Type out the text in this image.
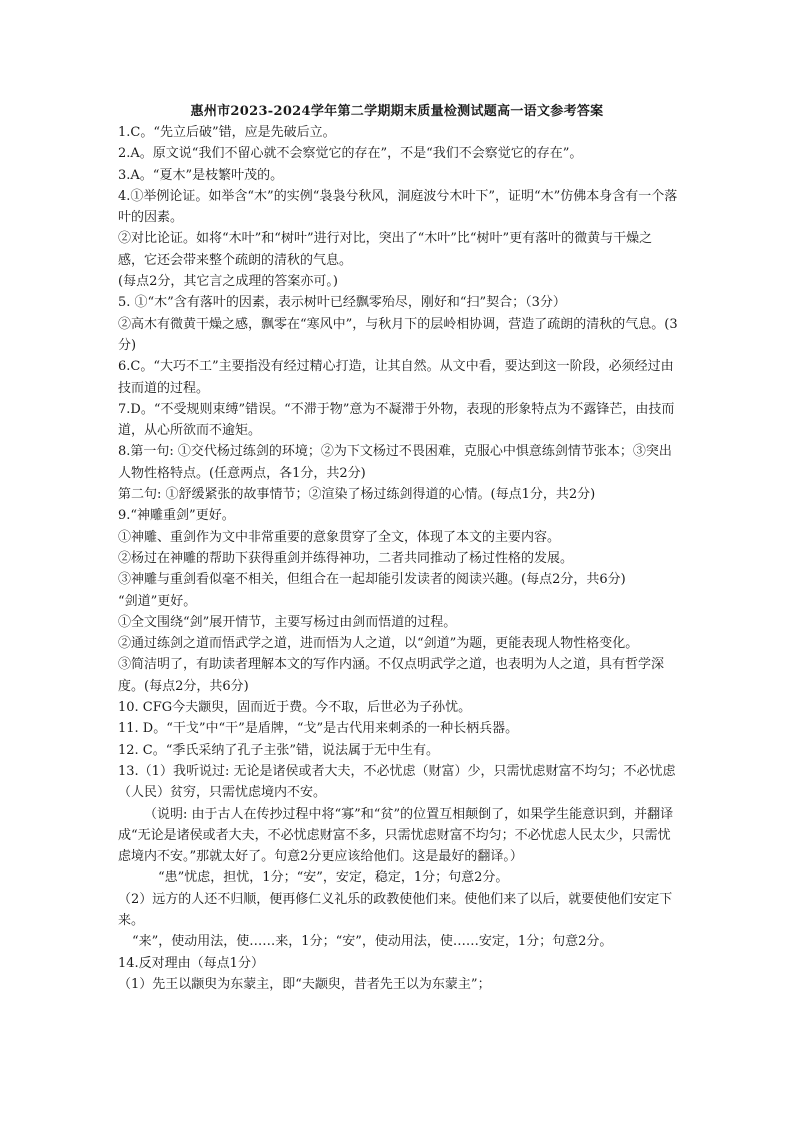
惠州市2023-2024学年第二学期期末质量检测试题高一语文参考答案

1.C。“先立后破”错，应是先破后立。

2.A。原文说“我们不留心就不会察觉它的存在”，不是“我们不会察觉它的存在”。

3.A。“夏木”是枝繁叶茂的。

4.①举例论证。如举含“木”的实例“袅袅兮秋风，洞庭波兮木叶下”，证明“木”仿佛本身含有一个落叶的因素。

②对比论证。如将“木叶”和“树叶”进行对比，突出了“木叶”比“树叶”更有落叶的微黄与干燥之感，它还会带来整个疏朗的清秋的气息。

(每点2分，其它言之成理的答案亦可。)

5. ①“木”含有落叶的因素，表示树叶已经飘零殆尽，刚好和“扫”契合；（3分）

②高木有微黄干燥之感，飘零在“寒风中”，与秋月下的层岭相协调，营造了疏朗的清秋的气息。(3分)

6.C。“大巧不工”主要指没有经过精心打造，让其自然。从文中看，要达到这一阶段，必须经过由技而道的过程。

7.D。“不受规则束缚”错误。“不滞于物”意为不凝滞于外物，表现的形象特点为不露锋芒，由技而道，从心所欲而不逾矩。

8.第一句: ①交代杨过练剑的环境；②为下文杨过不畏困难，克服心中惧意练剑情节张本；③突出人物性格特点。(任意两点，各1分，共2分)

第二句: ①舒缓紧张的故事情节；②渲染了杨过练剑得道的心情。(每点1分，共2分)

9.“神雕重剑”更好。

①神雕、重剑作为文中非常重要的意象贯穿了全文，体现了本文的主要内容。

②杨过在神雕的帮助下获得重剑并练得神功，二者共同推动了杨过性格的发展。

③神雕与重剑看似毫不相关，但组合在一起却能引发读者的阅读兴趣。(每点2分，共6分)

“剑道”更好。

①全文围绕“剑”展开情节，主要写杨过由剑而悟道的过程。

②通过练剑之道而悟武学之道，进而悟为人之道，以“剑道”为题，更能表现人物性格变化。

③简洁明了，有助读者理解本文的写作内涵。不仅点明武学之道，也表明为人之道，具有哲学深度。(每点2分，共6分)

10. CFG今夫颛臾，固而近于费。今不取，后世必为子孙忧。

11. D。“干戈”中“干”是盾牌，“戈”是古代用来刺杀的一种长柄兵器。

12. C。“季氏采纳了孔子主张”错，说法属于无中生有。

13.（1）我听说过: 无论是诸侯或者大夫，不必忧虑（财富）少，只需忧虑财富不均匀；不必忧虑（人民）贫穷，只需忧虑境内不安。

（说明: 由于古人在传抄过程中将“寡”和“贫”的位置互相颠倒了，如果学生能意识到，并翻译成“无论是诸侯或者大夫，不必忧虑财富不多，只需忧虑财富不均匀；不必忧虑人民太少，只需忧虑境内不安。”那就太好了。句意2分更应该给他们。这是最好的翻译。）

“患”忧虑，担忧，1分；“安”，安定，稳定，1分；句意2分。

（2）远方的人还不归顺，便再修仁义礼乐的政教使他们来。使他们来了以后，就要使他们安定下来。

“来”，使动用法，使……来，1分；“安”，使动用法，使……安定，1分；句意2分。

14.反对理由（每点1分）

（1）先王以颛臾为东蒙主，即“夫颛臾，昔者先王以为东蒙主”；
